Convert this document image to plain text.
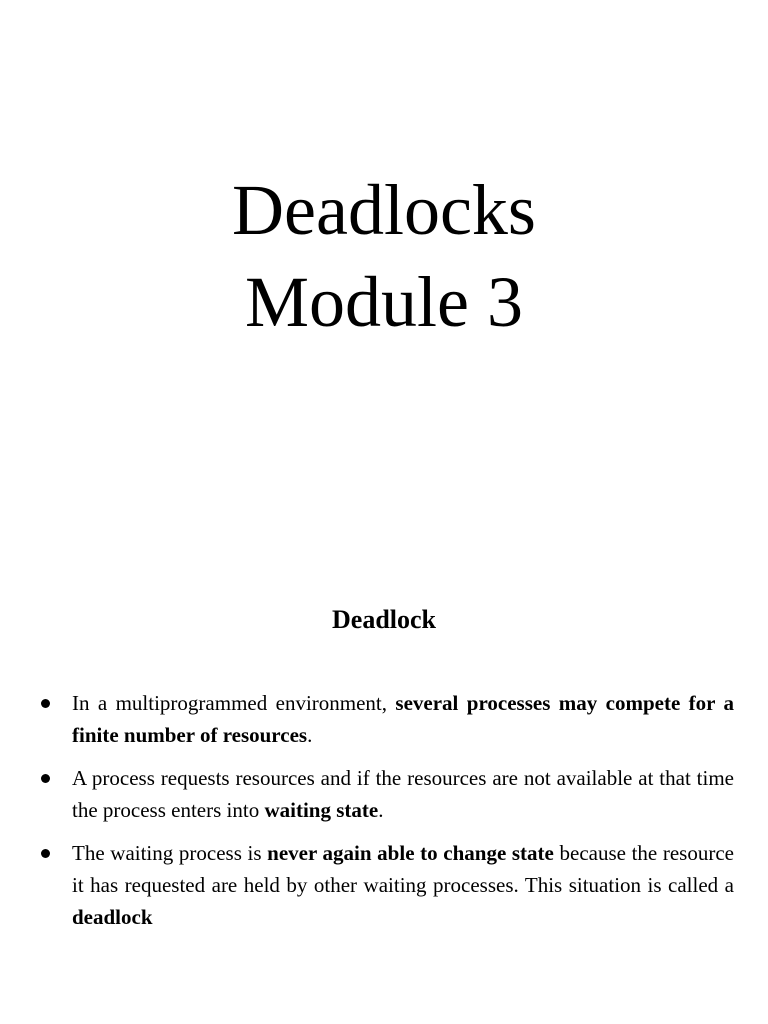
Deadlocks
Module 3
Deadlock
In a multiprogrammed environment, several processes may compete for a finite number of resources.
A process requests resources and if the resources are not available at that time the process enters into waiting state.
The waiting process is never again able to change state because the resource it has requested are held by other waiting processes. This situation is called a deadlock
